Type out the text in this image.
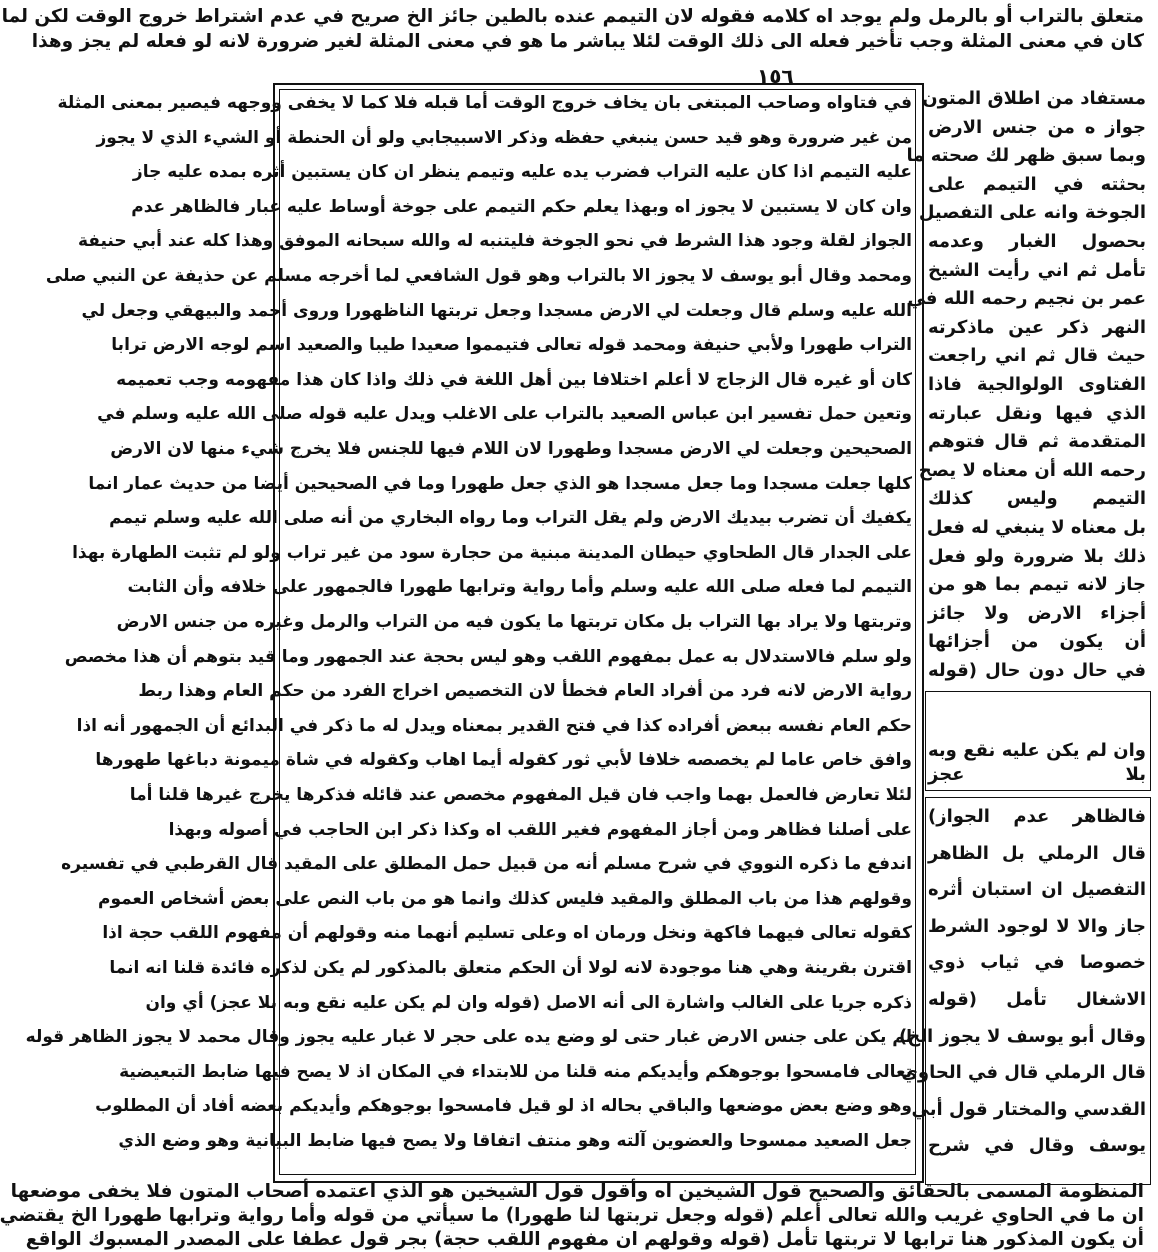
متعلق بالتراب أو بالرمل ولم يوجد اه كلامه فقوله لان التيمم عنده بالطين جائز الخ صريح في عدم اشتراط خروج الوقت لكن لما
كان في معنى المثلة وجب تأخير فعله الى ذلك الوقت لئلا يباشر ما هو في معنى المثلة لغير ضرورة لانه لو فعله لم يجز وهذا
١٥٦
في فتاواه وصاحب المبتغى بان يخاف خروج الوقت أما قبله فلا كما لا يخفى ووجهه فيصير بمعنى المثلة
من غير ضرورة وهو قيد حسن ينبغي حفظه وذكر الاسبيجابي ولو أن الحنطة أو الشيء الذي لا يجوز
عليه التيمم اذا كان عليه التراب فضرب يده عليه وتيمم ينظر ان كان يستبين أثره بمده عليه جاز
وان كان لا يستبين لا يجوز اه وبهذا يعلم حكم التيمم على جوخة أوساط عليه غبار فالظاهر عدم
الجواز لقلة وجود هذا الشرط في نحو الجوخة فليتنبه له والله سبحانه الموفق وهذا كله عند أبي حنيفة
ومحمد وقال أبو يوسف لا يجوز الا بالتراب وهو قول الشافعي لما أخرجه مسلم عن حذيفة عن النبي صلى
الله عليه وسلم قال وجعلت لي الارض مسجدا وجعل تربتها الناظهورا وروى أحمد والبيهقي وجعل لي
التراب طهورا ولأبي حنيفة ومحمد قوله تعالى فتيمموا صعيدا طيبا والصعيد اسم لوجه الارض ترابا
كان أو غيره قال الزجاج لا أعلم اختلافا بين أهل اللغة في ذلك واذا كان هذا مفهومه وجب تعميمه
وتعين حمل تفسير ابن عباس الصعيد بالتراب على الاغلب ويدل عليه قوله صلى الله عليه وسلم في
الصحيحين وجعلت لي الارض مسجدا وطهورا لان اللام فيها للجنس فلا يخرج شيء منها لان الارض
كلها جعلت مسجدا وما جعل مسجدا هو الذي جعل طهورا وما في الصحيحين أيضا من حديث عمار انما
يكفيك أن تضرب بيديك الارض ولم يقل التراب وما رواه البخاري من أنه صلى الله عليه وسلم تيمم
على الجدار قال الطحاوي حيطان المدينة مبنية من حجارة سود من غير تراب ولو لم تثبت الطهارة بهذا
التيمم لما فعله صلى الله عليه وسلم وأما رواية وترابها طهورا فالجمهور على خلافه وأن الثابت
وتربتها ولا يراد بها التراب بل مكان تربتها ما يكون فيه من التراب والرمل وغيره من جنس الارض
ولو سلم فالاستدلال به عمل بمفهوم اللقب وهو ليس بحجة عند الجمهور وما قيد بتوهم أن هذا مخصص
رواية الارض لانه فرد من أفراد العام فخطأ لان التخصيص اخراج الفرد من حكم العام وهذا ربط
حكم العام نفسه ببعض أفراده كذا في فتح القدير بمعناه ويدل له ما ذكر في البدائع أن الجمهور أنه اذا
وافق خاص عاما لم يخصصه خلافا لأبي ثور كقوله أيما اهاب وكقوله في شاة ميمونة دباغها طهورها
لئلا تعارض فالعمل بهما واجب فان قيل المفهوم مخصص عند قائله فذكرها يخرج غيرها قلنا أما
على أصلنا فظاهر ومن أجاز المفهوم فغير اللقب اه وكذا ذكر ابن الحاجب في أصوله وبهذا
اندفع ما ذكره النووي في شرح مسلم أنه من قبيل حمل المطلق على المقيد قال القرطبي في تفسيره
وقولهم هذا من باب المطلق والمقيد فليس كذلك وانما هو من باب النص على بعض أشخاص العموم
كقوله تعالى فيهما فاكهة ونخل ورمان اه وعلى تسليم أنهما منه وقولهم أن مفهوم اللقب حجة اذا
اقترن بقرينة وهي هنا موجودة لانه لولا أن الحكم متعلق بالمذكور لم يكن لذكره فائدة قلنا انه انما
ذكره جريا على الغالب واشارة الى أنه الاصل (قوله وان لم يكن عليه نقع وبه بلا عجز) أي وان
لم يكن على جنس الارض غبار حتى لو وضع يده على حجر لا غبار عليه يجوز وقال محمد لا يجوز الظاهر قوله
تعالى فامسحوا بوجوهكم وأيديكم منه قلنا من للابتداء في المكان اذ لا يصح فيها ضابط التبعيضية
وهو وضع بعض موضعها والباقي بحاله اذ لو قيل فامسحوا بوجوهكم وأيديكم بعضه أفاد أن المطلوب
جعل الصعيد ممسوحا والعضوين آلته وهو منتف اتفاقا ولا يصح فيها ضابط البيانية وهو وضع الذي
مستفاد من اطلاق المتون
جواز ه من جنس الارض
وبما سبق ظهر لك صحته ما
بحثته في التيمم على
الجوخة وانه على التفصيل
بحصول الغبار وعدمه
تأمل ثم اني رأيت الشيخ
عمر بن نجيم رحمه الله في
النهر ذكر عين ماذكرته
حيث قال ثم اني راجعت
الفتاوى الولوالجية فاذا
الذي فيها ونقل عبارته
المتقدمة ثم قال فتوهم
رحمه الله أن معناه لا يصح
التيمم وليس كذلك
بل معناه لا ينبغي له فعل
ذلك بلا ضرورة ولو فعل
جاز لانه تيمم بما هو من
أجزاء الارض ولا جائز
أن يكون من أجزائها
في حال دون حال (قوله
وان لم يكن عليه نقع وبه
بلا عجز
فالظاهر عدم الجواز)
قال الرملي بل الظاهر
التفصيل ان استبان أثره
جاز والا لا لوجود الشرط
خصوصا في ثياب ذوي
الاشغال تأمل (قوله
وقال أبو يوسف لا يجوز الخ)
قال الرملي قال في الحاوي
القدسي والمختار قول أبي
يوسف وقال في شرح
المنظومة المسمى بالحقائق والصحيح قول الشيخين اه وأقول قول الشيخين هو الذي اعتمده أصحاب المتون فلا يخفى موضعها
ان ما في الحاوي غريب والله تعالى أعلم (قوله وجعل تربتها لنا طهورا) ما سيأتي من قوله وأما رواية وترابها طهورا الخ يقتضي
أن يكون المذكور هنا ترابها لا تربتها تأمل (قوله وقولهم ان مفهوم اللقب حجة) بجر قول عطفا على المصدر المسبوك الواقع
